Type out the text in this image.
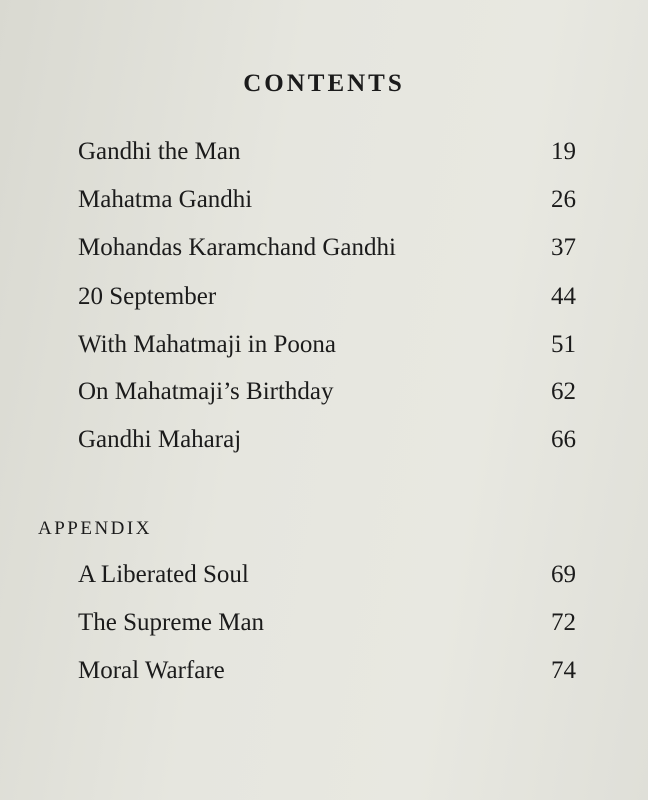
CONTENTS
Gandhi the Man	19
Mahatma Gandhi	26
Mohandas Karamchand Gandhi	37
20 September	44
With Mahatmaji in Poona	51
On Mahatmaji’s Birthday	62
Gandhi Maharaj	66
APPENDIX
A Liberated Soul	69
The Supreme Man	72
Moral Warfare	74
